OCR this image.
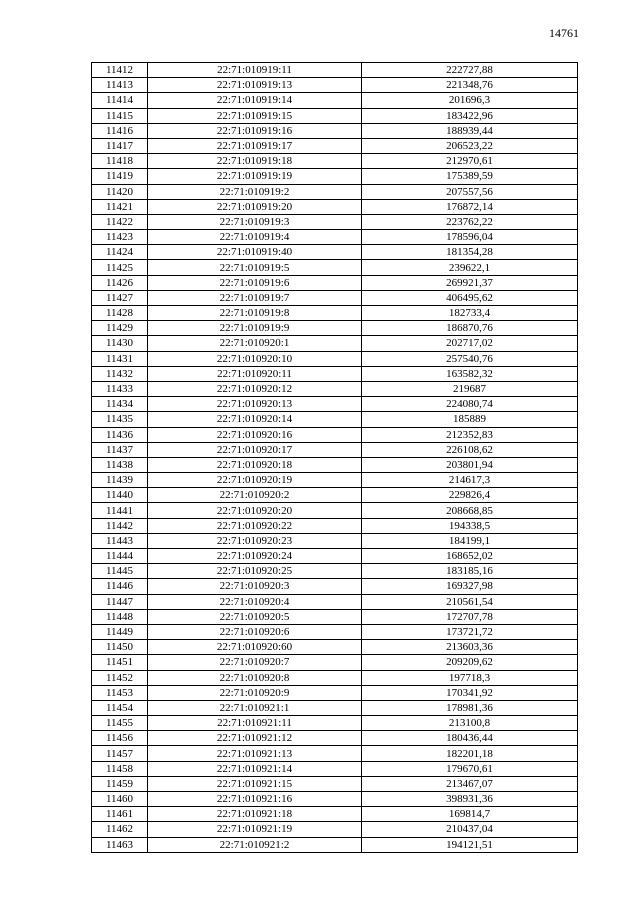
14761
11412	22:71:010919:11	222727,88
11413	22:71:010919:13	221348,76
11414	22:71:010919:14	201696,3
11415	22:71:010919:15	183422,96
11416	22:71:010919:16	188939,44
11417	22:71:010919:17	206523,22
11418	22:71:010919:18	212970,61
11419	22:71:010919:19	175389,59
11420	22:71:010919:2	207557,56
11421	22:71:010919:20	176872,14
11422	22:71:010919:3	223762,22
11423	22:71:010919:4	178596,04
11424	22:71:010919:40	181354,28
11425	22:71:010919:5	239622,1
11426	22:71:010919:6	269921,37
11427	22:71:010919:7	406495,62
11428	22:71:010919:8	182733,4
11429	22:71:010919:9	186870,76
11430	22:71:010920:1	202717,02
11431	22:71:010920:10	257540,76
11432	22:71:010920:11	163582,32
11433	22:71:010920:12	219687
11434	22:71:010920:13	224080,74
11435	22:71:010920:14	185889
11436	22:71:010920:16	212352,83
11437	22:71:010920:17	226108,62
11438	22:71:010920:18	203801,94
11439	22:71:010920:19	214617,3
11440	22:71:010920:2	229826,4
11441	22:71:010920:20	208668,85
11442	22:71:010920:22	194338,5
11443	22:71:010920:23	184199,1
11444	22:71:010920:24	168652,02
11445	22:71:010920:25	183185,16
11446	22:71:010920:3	169327,98
11447	22:71:010920:4	210561,54
11448	22:71:010920:5	172707,78
11449	22:71:010920:6	173721,72
11450	22:71:010920:60	213603,36
11451	22:71:010920:7	209209,62
11452	22:71:010920:8	197718,3
11453	22:71:010920:9	170341,92
11454	22:71:010921:1	178981,36
11455	22:71:010921:11	213100,8
11456	22:71:010921:12	180436,44
11457	22:71:010921:13	182201,18
11458	22:71:010921:14	179670,61
11459	22:71:010921:15	213467,07
11460	22:71:010921:16	398931,36
11461	22:71:010921:18	169814,7
11462	22:71:010921:19	210437,04
11463	22:71:010921:2	194121,51
